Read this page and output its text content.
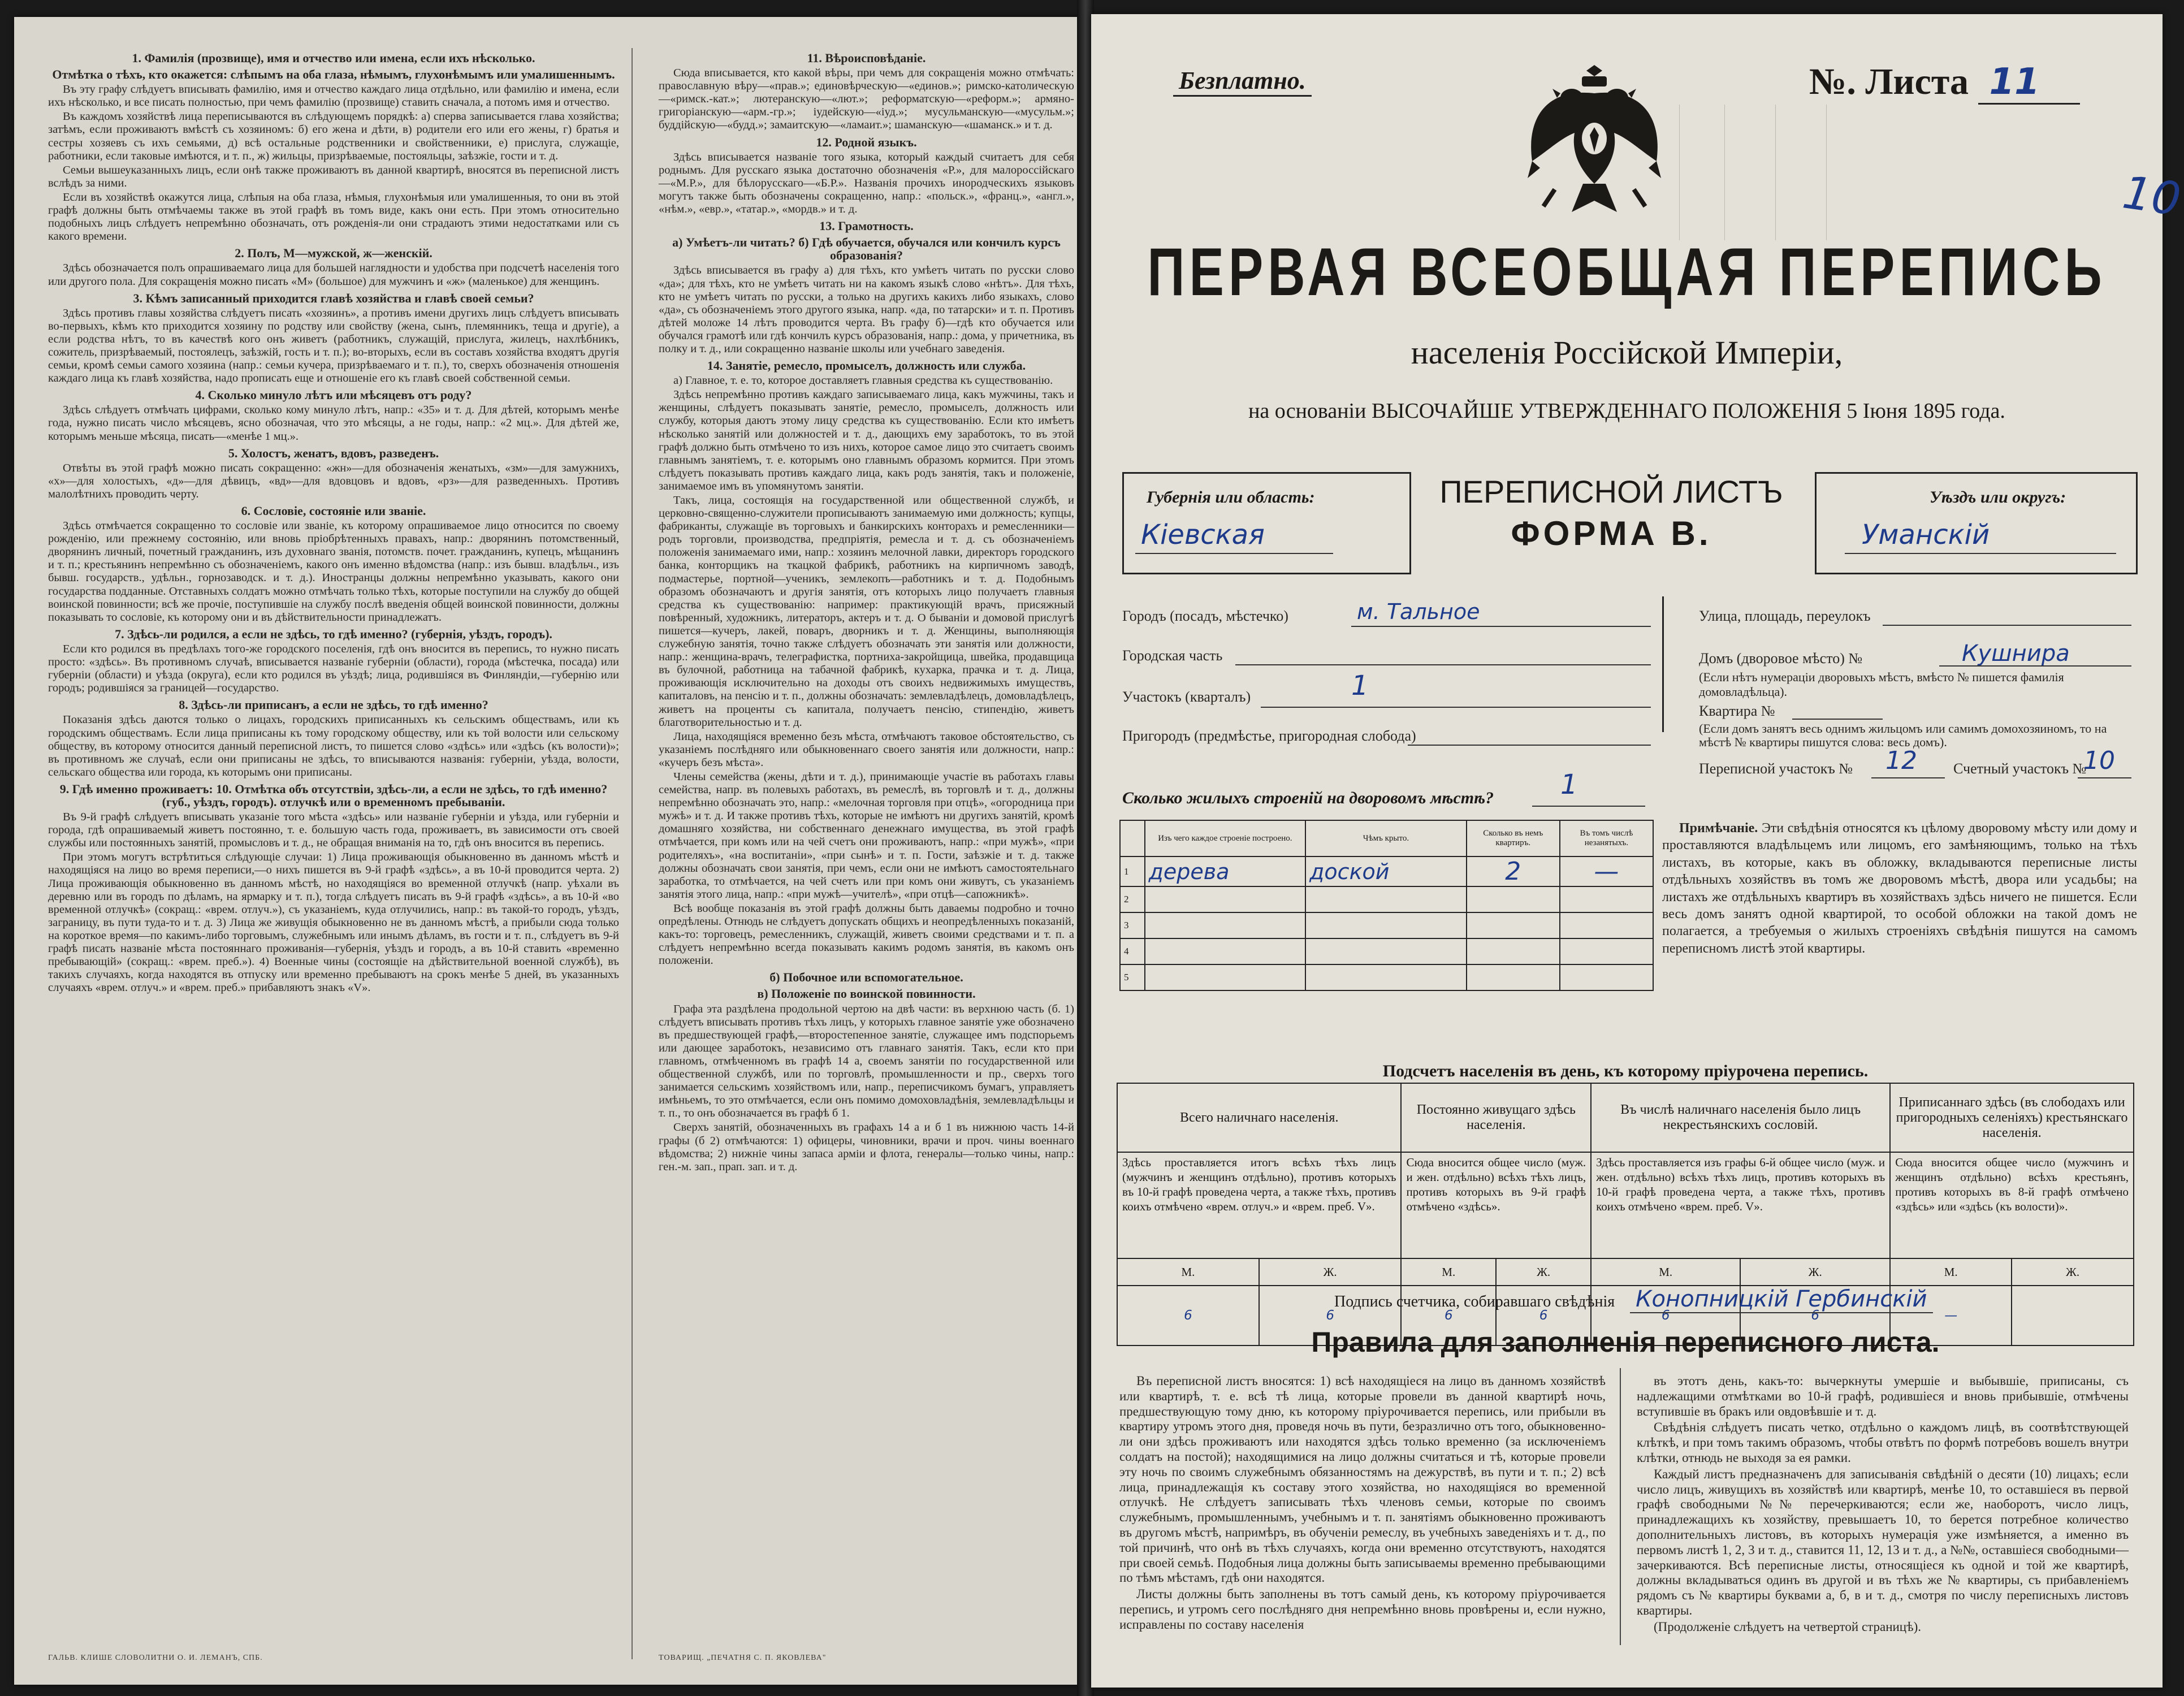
1. Фамилія (прозвище), имя и отчество или имена, если ихъ нѣсколько.
Отмѣтка о тѣхъ, кто окажется: слѣпымъ на оба глаза, нѣмымъ, глухонѣмымъ или умалишеннымъ.

Въ эту графу слѣдуетъ вписывать фамилію, имя и отчество каждаго лица отдѣльно, или фамилію и имена, если ихъ нѣсколько, и все писать полностью, при чемъ фамилію (прозвище) ставить сначала, а потомъ имя и отчество.

Въ каждомъ хозяйствѣ лица переписываются въ слѣдующемъ порядкѣ: а) сперва записывается глава хозяйства; затѣмъ, если проживаютъ вмѣстѣ съ хозяиномъ: б) его жена и дѣти, в) родители его или его жены, г) братья и сестры хозяевъ съ ихъ семьями, д) всѣ остальные родственники и свойственники, е) прислуга, служащіе, работники, если таковые имѣются, и т. п., ж) жильцы, призрѣваемые, постояльцы, заѣзжіе, гости и т. д.

Семьи вышеуказанныхъ лицъ, если онѣ также проживаютъ въ данной квартирѣ, вносятся въ переписной листъ вслѣдъ за ними.

Если въ хозяйствѣ окажутся лица, слѣпыя на оба глаза, нѣмыя, глухонѣмыя или умалишенныя, то они въ этой графѣ должны быть отмѣчаемы также въ этой графѣ въ томъ виде, какъ они есть. При этомъ относительно подобныхъ лицъ слѣдуетъ непремѣнно обозначать, отъ рожденія-ли они страдаютъ этими недостатками или съ какого времени.

2. Полъ, М—мужской, ж—женскій.

Здѣсь обозначается полъ опрашиваемаго лица для большей наглядности и удобства при подсчетѣ населенія того или другого пола. Для сокращенія можно писать «М» (большое) для мужчинъ и «ж» (маленькое) для женщинъ.

3. Кѣмъ записанный приходится главѣ хозяйства и главѣ своей семьи?

Здѣсь противъ главы хозяйства слѣдуетъ писать «хозяинъ», а противъ имени другихъ лицъ слѣдуетъ вписывать во-первыхъ, кѣмъ кто приходится хозяину по родству или свойству (жена, сынъ, племянникъ, теща и другіе), а если родства нѣтъ, то въ качествѣ кого онъ живетъ (работникъ, служащій, прислуга, жилецъ, нахлѣбникъ, сожитель, призрѣваемый, постоялецъ, заѣзжій, гость и т. п.); во-вторыхъ, если въ составъ хозяйства входятъ другія семьи, кромѣ семьи самого хозяина (напр.: семьи кучера, призрѣваемаго и т. п.), то, сверхъ обозначенія отношенія каждаго лица къ главѣ хозяйства, надо прописать еще и отношеніе его къ главѣ своей собственной семьи.

4. Сколько минуло лѣтъ или мѣсяцевъ отъ роду?

Здѣсь слѣдуетъ отмѣчать цифрами, сколько кому минуло лѣтъ, напр.: «35» и т. д. Для дѣтей, которымъ менѣе года, нужно писать число мѣсяцевъ, ясно обозначая, что это мѣсяцы, а не годы, напр.: «2 мц.». Для дѣтей же, которымъ меньше мѣсяца, писать—«менѣе 1 мц.».

5. Холостъ, женатъ, вдовъ, разведенъ.

Отвѣты въ этой графѣ можно писать сокращенно: «жн»—для обозначенія женатыхъ, «зм»—для замужнихъ, «х»—для холостыхъ, «д»—для дѣвицъ, «вд»—для вдовцовъ и вдовъ, «рз»—для разведенныхъ. Противъ малолѣтнихъ проводить черту.

6. Сословіе, состояніе или званіе.

Здѣсь отмѣчается сокращенно то сословіе или званіе, къ которому опрашиваемое лицо относится по своему рожденію, или прежнему состоянію, или вновь пріобрѣтенныхъ правахъ, напр.: дворянинъ потомственный, дворянинъ личный, почетный гражданинъ, изъ духовнаго званія, потомств. почет. гражданинъ, купецъ, мѣщанинъ и т. п.; крестьянинъ непремѣнно съ обозначеніемъ, какого онъ именно вѣдомства (напр.: изъ бывш. владѣльч., изъ бывш. государств., удѣльн., горнозаводск. и т. д.). Иностранцы должны непремѣнно указывать, какого они государства подданные. Отставныхъ солдатъ можно отмѣчать только тѣхъ, которые поступили на службу до общей воинской повинности; всѣ же прочіе, поступившіе на службу послѣ введенія общей воинской повинности, должны показывать то сословіе, къ которому они и въ дѣйствительности принадлежатъ.

7. Здѣсь-ли родился, а если не здѣсь, то гдѣ именно? (губернія, уѣздъ, городъ).

Если кто родился въ предѣлахъ того-же городского поселенія, гдѣ онъ вносится въ перепись, то нужно писать просто: «здѣсь». Въ противномъ случаѣ, вписывается названіе губерніи (области), города (мѣстечка, посада) или губерніи (области) и уѣзда (округа), если кто родился въ уѣздѣ; лица, родившіяся въ Финляндіи,—губернію или городъ; родившіяся за границей—государство.

8. Здѣсь-ли приписанъ, а если не здѣсь, то гдѣ именно?

Показанія здѣсь даются только о лицахъ, городскихъ приписанныхъ къ сельскимъ обществамъ, или къ городскимъ обществамъ. Если лица приписаны къ тому городскому обществу, или къ той волости или сельскому обществу, въ которому относится данный переписной листъ, то пишется слово «здѣсь» или «здѣсь (къ волости)»; въ противномъ же случаѣ, если они приписаны не здѣсь, то вписываются названія: губерніи, уѣзда, волости, сельскаго общества или города, къ которымъ они приписаны.

9. Гдѣ именно проживаетъ: 10. Отмѣтка объ отсутствіи, здѣсь-ли, а если не здѣсь, то гдѣ именно? (губ., уѣздъ, городъ). отлучкѣ или о временномъ пребываніи.

Въ 9-й графѣ слѣдуетъ вписывать указаніе того мѣста «здѣсь» или названіе губерніи и уѣзда, или губерніи и города, гдѣ опрашиваемый живетъ постоянно, т. е. большую часть года, проживаетъ, въ зависимости отъ своей службы или постоянныхъ занятій, промысловъ и т. д., не обращая вниманія на то, гдѣ онъ вносится въ перепись.

При этомъ могутъ встрѣтиться слѣдующіе случаи: 1) Лица проживающія обыкновенно въ данномъ мѣстѣ и находящіяся на лицо во время переписи,—о нихъ пишется въ 9-й графѣ «здѣсь», а въ 10-й проводится черта. 2) Лица проживающія обыкновенно въ данномъ мѣстѣ, но находящіяся во временной отлучкѣ (напр. уѣхали въ деревню или въ городъ по дѣламъ, на ярмарку и т. п.), тогда слѣдуетъ писать въ 9-й графѣ «здѣсь», а въ 10-й «во временной отлучкѣ» (сокращ.: «врем. отлуч.»), съ указаніемъ, куда отлучились, напр.: въ такой-то городъ, уѣздъ, заграницу, въ пути туда-то и т. д. 3) Лица же живущія обыкновенно не въ данномъ мѣстѣ, а прибыли сюда только на короткое время—по какимъ-либо торговымъ, служебнымъ или инымъ дѣламъ, въ гости и т. п., слѣдуетъ въ 9-й графѣ писать названіе мѣста постояннаго проживанія—губернія, уѣздъ и городъ, а въ 10-й ставить «временно пребывающій» (сокращ.: «врем. преб.»). 4) Военные чины (состоящіе на дѣйствительной военной службѣ), въ такихъ случаяхъ, когда находятся въ отпуску или временно пребываютъ на срокъ менѣе 5 дней, въ указанныхъ случаяхъ «врем. отлуч.» и «врем. преб.» прибавляютъ знакъ «V».

11. Вѣроисповѣданіе.

Сюда вписывается, кто какой вѣры, при чемъ для сокращенія можно отмѣчать: православную вѣру—«прав.»; единовѣрческую—«единов.»; римско-католическую—«римск.-кат.»; лютеранскую—«лют.»; реформатскую—«реформ.»; армяно-григоріанскую—«арм.-гр.»; іудейскую—«іуд.»; мусульманскую—«мусульм.»; буддійскую—«будд.»; замаитскую—«ламаит.»; шаманскую—«шаманск.» и т. д.

12. Родной языкъ.

Здѣсь вписывается названіе того языка, который каждый считаетъ для себя роднымъ. Для русскаго языка достаточно обозначенія «Р.», для малороссійскаго—«М.Р.», для бѣлорусскаго—«Б.Р.». Названія прочихъ инородческихъ языковъ могутъ также быть обозначены сокращенно, напр.: «польск.», «франц.», «англ.», «нѣм.», «евр.», «татар.», «мордв.» и т. д.

13. Грамотность.
а) Умѣетъ-ли читать? б) Гдѣ обучается, обучался или кончилъ курсъ образованія?

Здѣсь вписывается въ графу а) для тѣхъ, кто умѣетъ читать по русски слово «да»; для тѣхъ, кто не умѣетъ читать ни на какомъ языкѣ слово «нѣтъ». Для тѣхъ, кто не умѣетъ читать по русски, а только на другихъ какихъ либо языкахъ, слово «да», съ обозначеніемъ этого другого языка, напр. «да, по татарски» и т. п. Противъ дѣтей моложе 14 лѣтъ проводится черта. Въ графу б)—гдѣ кто обучается или обучался грамотѣ или гдѣ кончилъ курсъ образованія, напр.: дома, у причетника, въ полку и т. д., или сокращенно названіе школы или учебнаго заведенія.

14. Занятіе, ремесло, промыселъ, должность или служба.

а) Главное, т. е. то, которое доставляетъ главныя средства къ существованію.

Здѣсь непремѣнно противъ каждаго записываемаго лица, какъ мужчины, такъ и женщины, слѣдуетъ показывать занятіе, ремесло, промыселъ, должность или службу, которыя даютъ этому лицу средства къ существованію. Если кто имѣетъ нѣсколько занятій или должностей и т. д., дающихъ ему заработокъ, то въ этой графѣ должно быть отмѣчено то изъ нихъ, которое самое лицо это считаетъ своимъ главнымъ занятіемъ, т. е. которымъ оно главнымъ образомъ кормится. При этомъ слѣдуетъ показывать противъ каждаго лица, какъ родъ занятія, такъ и положеніе, занимаемое имъ въ упомянутомъ занятіи.

Такъ, лица, состоящія на государственной или общественной службѣ, и церковно-священно-служители прописываютъ занимаемую ими должность; купцы, фабриканты, служащіе въ торговыхъ и банкирскихъ конторахъ и ремесленники—родъ торговли, производства, предпріятія, ремесла и т. д. съ обозначеніемъ положенія занимаемаго ими, напр.: хозяинъ мелочной лавки, директоръ городского банка, конторщикъ на ткацкой фабрикѣ, работникъ на кирпичномъ заводѣ, подмастерье, портной—ученикъ, землекопъ—работникъ и т. д. Подобнымъ образомъ обозначаютъ и другія занятія, отъ которыхъ лицо получаетъ главныя средства къ существованію: например: практикующій врачъ, присяжный повѣренный, художникъ, литераторъ, актеръ и т. д. О бываніи и домовой прислугѣ пишется—кучеръ, лакей, поваръ, дворникъ и т. д. Женщины, выполняющія служебную занятія, точно также слѣдуетъ обозначать эти занятія или должности, напр.: женщина-врачъ, телеграфистка, портниха-закройщица, швейка, продавщица въ булочной, работница на табачной фабрикѣ, кухарка, прачка и т. д. Лица, проживающія исключительно на доходы отъ своихъ недвижимыхъ имуществъ, капиталовъ, на пенсію и т. п., должны обозначать: землевладѣлецъ, домовладѣлецъ, живетъ на проценты съ капитала, получаетъ пенсію, стипендію, живетъ благотворительностью и т. д.

Лица, находящіяся временно безъ мѣста, отмѣчаютъ таковое обстоятельство, съ указаніемъ послѣдняго или обыкновеннаго своего занятія или должности, напр.: «кучеръ безъ мѣста».

Члены семейства (жены, дѣти и т. д.), принимающіе участіе въ работахъ главы семейства, напр. въ полевыхъ работахъ, въ ремеслѣ, въ торговлѣ и т. д., должны непремѣнно обозначать это, напр.: «мелочная торговля при отцѣ», «огородница при мужѣ» и т. д. И также противъ тѣхъ, которые не имѣютъ ни другихъ занятій, кромѣ домашняго хозяйства, ни собственнаго денежнаго имущества, въ этой графѣ отмѣчается, при комъ или на чей счетъ они проживаютъ, напр.: «при мужѣ», «при родителяхъ», «на воспитаніи», «при сынѣ» и т. п. Гости, заѣзжіе и т. д. также должны обозначать свои занятія, при чемъ, если они не имѣютъ самостоятельнаго заработка, то отмѣчается, на чей счетъ или при комъ они живутъ, съ указаніемъ занятія этого лица, напр.: «при мужѣ—учителѣ», «при отцѣ—сапожникѣ».

Всѣ вообще показанія въ этой графѣ должны быть даваемы подробно и точно опредѣлены. Отнюдь не слѣдуетъ допускать общихъ и неопредѣленныхъ показаній, какъ-то: торговецъ, ремесленникъ, служащій, живетъ своими средствами и т. п. а слѣдуетъ непремѣнно всегда показывать какимъ родомъ занятія, въ какомъ онъ положеніи.

б) Побочное или вспомогательное.
в) Положеніе по воинской повинности.

Графа эта раздѣлена продольной чертою на двѣ части: въ верхнюю часть (б. 1) слѣдуетъ вписывать противъ тѣхъ лицъ, у которыхъ главное занятіе уже обозначено въ предшествующей графѣ,—второстепенное занятіе, служащее имъ подспорьемъ или дающее заработокъ, независимо отъ главнаго занятія. Такъ, если кто при главномъ, отмѣченномъ въ графѣ 14 а, своемъ занятіи по государственной или общественной службѣ, или по торговлѣ, промышленности и пр., сверхъ того занимается сельскимъ хозяйствомъ или, напр., переписчикомъ бумагъ, управляетъ имѣньемъ, то это отмѣчается, если онъ помимо домоховладѣнія, землевладѣльцы и т. п., то онъ обозначается въ графѣ б 1.

Сверхъ занятій, обозначенныхъ въ графахъ 14 а и б 1 въ нижнюю часть 14-й графы (б 2) отмѣчаются: 1) офицеры, чиновники, врачи и проч. чины военнаго вѣдомства; 2) нижніе чины запаса арміи и флота, генералы—только чины, напр.: ген.-м. зап., прап. зап. и т. д.

ГАЛЬВ. КЛИШЕ СЛОВОЛИТНИ О. И. ЛЕМАНЪ, СПБ.	ТОВАРИЩ. „ПЕЧАТНЯ С. П. ЯКОВЛЕВА"
Безплатно.	№. Листа 11
10
ПЕРВАЯ ВСЕОБЩАЯ ПЕРЕПИСЬ
населенія Россійской Имперіи,
на основаніи ВЫСОЧАЙШЕ УТВЕРЖДЕННАГО ПОЛОЖЕНІЯ 5 Іюня 1895 года.
Губернія или область:
Кіевская
ПЕРЕПИСНОЙ ЛИСТЪ
ФОРМА В.
Уѣздъ или округъ:
Уманскій
Городъ (посадъ, мѣстечко)	м. Тальное
Городская часть
Участокъ (кварталъ)	1
Пригородъ (предмѣстье, пригородная слобода)
Улица, площадь, переулокъ
Домъ (дворовое мѣсто) №	Кушнира
(Если нѣтъ нумераціи дворовыхъ мѣстъ, вмѣсто № пишется фамилія домовладѣльца).
Квартира №
(Если домъ занятъ весь однимъ жильцомъ или самимъ домохозяиномъ, то на мѣстѣ № квартиры пишутся слова: весь домъ).
Переписной участокъ № 12 Счетный участокъ №
10
Сколько жилыхъ строеній на дворовомъ мѣстѣ? 1
	Изъ чего каждое строеніе построено.	Чѣмъ крыто.	Сколько въ немъ квартиръ.	Въ томъ числѣ незанятыхъ.
1	дерева	доской	2	—
2				
3				
4				
5				

Примѣчаніе. Эти свѣдѣнія относятся къ цѣлому дворовому мѣсту или дому и проставляются владѣльцемъ или лицомъ, его замѣняющимъ, только на тѣхъ листахъ, въ которые, какъ въ обложку, вкладываются переписные листы отдѣльныхъ хозяйствъ въ томъ же дворовомъ мѣстѣ, двора или усадьбы; на листахъ же отдѣльныхъ квартиръ въ хозяйствахъ здѣсь ничего не пишется. Если весь домъ занятъ одной квартирой, то особой обложки на такой домъ не полагается, а требуемыя о жилыхъ строеніяхъ свѣдѣнія пишутся на самомъ переписномъ листѣ этой квартиры.

Подсчетъ населенія въ день, къ которому пріурочена перепись.
Всего наличнаго населенія.		Постоянно живущаго здѣсь населенія.		Въ числѣ наличнаго населенія было лицъ некрестьянскихъ сословій.		Приписаннаго здѣсь (въ слободахъ или пригородныхъ селеніяхъ) крестьянскаго населенія.	
Здѣсь проставляется итогъ всѣхъ тѣхъ лицъ (мужчинъ и женщинъ отдѣльно), противъ которыхъ въ 10-й графѣ проведена черта, а также тѣхъ, противъ коихъ отмѣчено «врем. отлуч.» и «врем. преб. V».		Сюда вносится общее число (муж. и жен. отдѣльно) всѣхъ тѣхъ лицъ, противъ которыхъ въ 9-й графѣ отмѣчено «здѣсь».		Здѣсь проставляется изъ графы 6-й общее число (муж. и жен. отдѣльно) всѣхъ тѣхъ лицъ, противъ которыхъ въ 10-й графѣ проведена черта, а также тѣхъ, противъ коихъ отмѣчено «врем. преб. V».		Сюда вносится общее число (мужчинъ и женщинъ отдѣльно) всѣхъ крестьянъ, противъ которыхъ въ 8-й графѣ отмѣчено «здѣсь» или «здѣсь (къ волости)».	
М.	Ж.	М.	Ж.	М.	Ж.	М.	Ж.
6	6	6	6	6	6	—	
Подпись счетчика, собиравшаго свѣдѣнія Конопницкій Гербинскій
Правила для заполненія переписного листа.

Въ переписной листъ вносятся: 1) всѣ находящіеся на лицо въ данномъ хозяйствѣ или квартирѣ, т. е. всѣ тѣ лица, которые провели въ данной квартирѣ ночь, предшествующую тому дню, къ которому пріурочивается перепись, или прибыли въ квартиру утромъ этого дня, проведя ночь въ пути, безразлично отъ того, обыкновенно-ли они здѣсь проживаютъ или находятся здѣсь только временно (за исключеніемъ солдатъ на постой); находящимися на лицо должны считаться и тѣ, которые провели эту ночь по своимъ служебнымъ обязанностямъ на дежурствѣ, въ пути и т. п.; 2) всѣ лица, принадлежащія къ составу этого хозяйства, но находящіяся во временной отлучкѣ. Не слѣдуетъ записывать тѣхъ членовъ семьи, которые по своимъ служебнымъ, промышленнымъ, учебнымъ и т. п. занятіямъ обыкновенно проживаютъ въ другомъ мѣстѣ, напримѣръ, въ обученіи ремеслу, въ учебныхъ заведеніяхъ и т. д., по той причинѣ, что онѣ въ тѣхъ случаяхъ, когда они временно отсутствуютъ, находятся при своей семьѣ. Подобныя лица должны быть записываемы временно пребывающими по тѣмъ мѣстамъ, гдѣ они находятся.

Листы должны быть заполнены въ тотъ самый день, къ которому пріурочивается перепись, и утромъ сего послѣдняго дня непремѣнно вновь провѣрены и, если нужно, исправлены по составу населенія

въ этотъ день, какъ-то: вычеркнуты умершіе и выбывшіе, приписаны, съ надлежащими отмѣтками во 10-й графѣ, родившіеся и вновь прибывшіе, отмѣчены вступившіе въ бракъ или овдовѣвшіе и т. д.

Свѣдѣнія слѣдуетъ писать четко, отдѣльно о каждомъ лицѣ, въ соотвѣтствующей клѣткѣ, и при томъ такимъ образомъ, чтобы отвѣтъ по формѣ потребовъ вошелъ внутри клѣтки, отнюдь не выходя за ея рамки.

Каждый листъ предназначенъ для записыванія свѣдѣній о десяти (10) лицахъ; если число лицъ, живущихъ въ хозяйствѣ или квартирѣ, менѣе 10, то оставшіеся въ первой графѣ свободными №№ перечеркиваются; если же, наоборотъ, число лицъ, принадлежащихъ къ хозяйству, превышаетъ 10, то берется потребное количество дополнительныхъ листовъ, въ которыхъ нумерація уже измѣняется, а именно въ первомъ листѣ 1, 2, 3 и т. д., ставится 11, 12, 13 и т. д., а №№, оставшіеся свободными—зачеркиваются. Всѣ переписные листы, относящіеся къ одной и той же квартирѣ, должны вкладываться одинъ въ другой и въ тѣхъ же № квартиры, съ прибавленіемъ рядомъ съ № квартиры буквами а, б, в и т. д., смотря по числу переписныхъ листовъ квартиры.

(Продолженіе слѣдуетъ на четвертой страницѣ).
